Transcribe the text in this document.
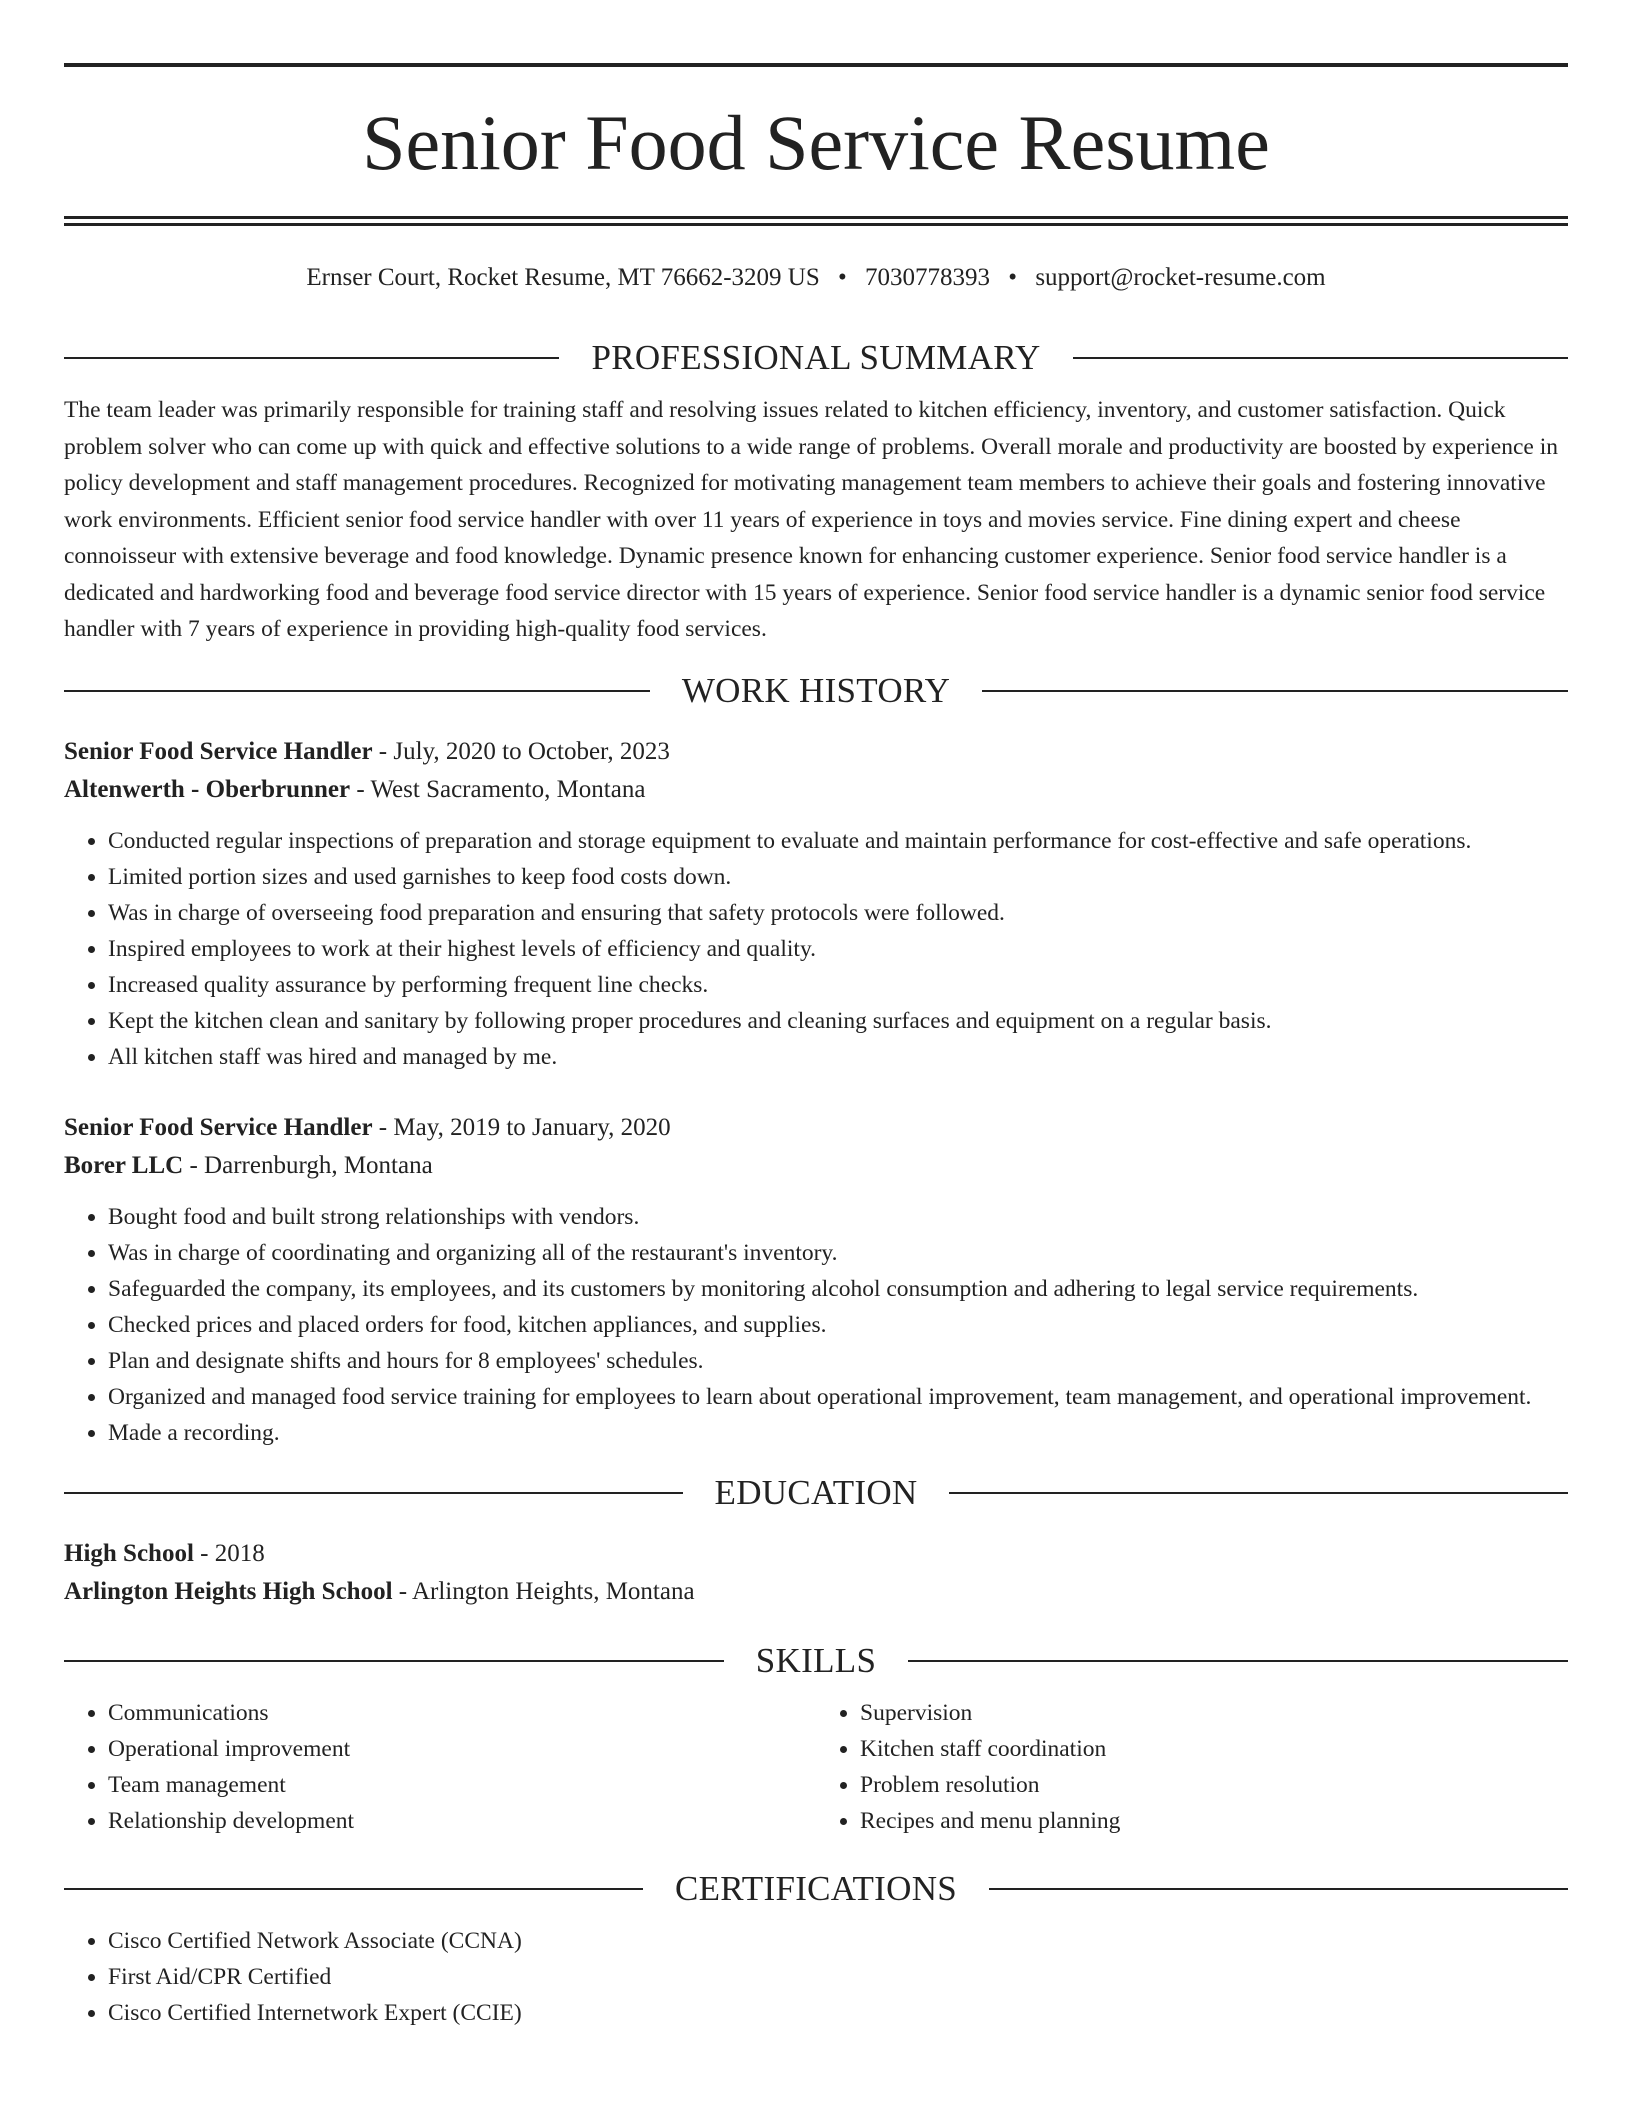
Senior Food Service Resume
Ernser Court, Rocket Resume, MT 76662-3209 US • 7030778393 • support@rocket-resume.com
PROFESSIONAL SUMMARY

The team leader was primarily responsible for training staff and resolving issues related to kitchen efficiency, inventory, and customer satisfaction. Quick problem solver who can come up with quick and effective solutions to a wide range of problems. Overall morale and productivity are boosted by experience in policy development and staff management procedures. Recognized for motivating management team members to achieve their goals and fostering innovative work environments. Efficient senior food service handler with over 11 years of experience in toys and movies service. Fine dining expert and cheese connoisseur with extensive beverage and food knowledge. Dynamic presence known for enhancing customer experience. Senior food service handler is a dedicated and hardworking food and beverage food service director with 15 years of experience. Senior food service handler is a dynamic senior food service handler with 7 years of experience in providing high-quality food services.

WORK HISTORY
Senior Food Service Handler - July, 2020 to October, 2023
Altenwerth - Oberbrunner - West Sacramento, Montana
• Conducted regular inspections of preparation and storage equipment to evaluate and maintain performance for cost-effective and safe operations.
• Limited portion sizes and used garnishes to keep food costs down.
• Was in charge of overseeing food preparation and ensuring that safety protocols were followed.
• Inspired employees to work at their highest levels of efficiency and quality.
• Increased quality assurance by performing frequent line checks.
• Kept the kitchen clean and sanitary by following proper procedures and cleaning surfaces and equipment on a regular basis.
• All kitchen staff was hired and managed by me.
Senior Food Service Handler - May, 2019 to January, 2020
Borer LLC - Darrenburgh, Montana
• Bought food and built strong relationships with vendors.
• Was in charge of coordinating and organizing all of the restaurant's inventory.
• Safeguarded the company, its employees, and its customers by monitoring alcohol consumption and adhering to legal service requirements.
• Checked prices and placed orders for food, kitchen appliances, and supplies.
• Plan and designate shifts and hours for 8 employees' schedules.
• Organized and managed food service training for employees to learn about operational improvement, team management, and operational improvement.
• Made a recording.
EDUCATION
High School - 2018
Arlington Heights High School - Arlington Heights, Montana
SKILLS
• Communications
• Operational improvement
• Team management
• Relationship development
• Supervision
• Kitchen staff coordination
• Problem resolution
• Recipes and menu planning
CERTIFICATIONS
• Cisco Certified Network Associate (CCNA)
• First Aid/CPR Certified
• Cisco Certified Internetwork Expert (CCIE)
